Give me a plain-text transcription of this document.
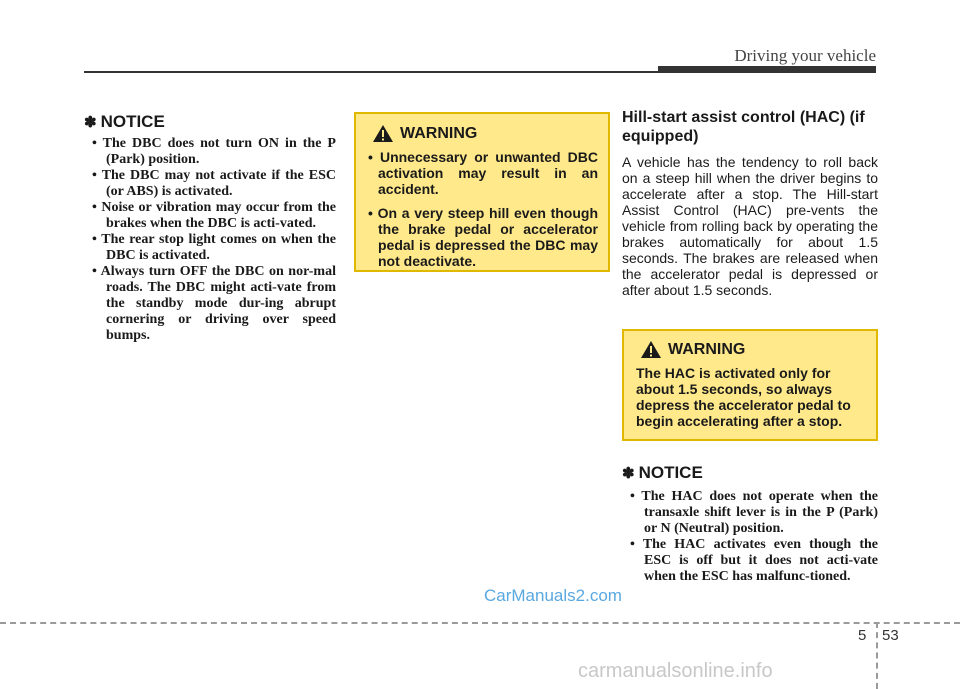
Driving your vehicle
✽ NOTICE
• The DBC does not turn ON in the P (Park) position.
• The DBC may not activate if the ESC (or ABS) is activated.
• Noise or vibration may occur from the brakes when the DBC is acti-vated.
• The rear stop light comes on when the DBC is activated.
• Always turn OFF the DBC on nor-mal roads. The DBC might acti-vate from the standby mode dur-ing abrupt cornering or driving over speed bumps.
WARNING
• Unnecessary or unwanted DBC activation may result in an accident.
• On a very steep hill even though the brake pedal or accelerator pedal is depressed the DBC may not deactivate.
Hill-start assist control (HAC) (if equipped)

A vehicle has the tendency to roll back on a steep hill when the driver begins to accelerate after a stop. The Hill-start Assist Control (HAC) pre-vents the vehicle from rolling back by operating the brakes automatically for about 1.5 seconds. The brakes are released when the accelerator pedal is depressed or after about 1.5 seconds.

WARNING

The HAC is activated only for about 1.5 seconds, so always depress the accelerator pedal to begin accelerating after a stop.

✽ NOTICE
• The HAC does not operate when the transaxle shift lever is in the P (Park) or N (Neutral) position.
• The HAC activates even though the ESC is off but it does not acti-vate when the ESC has malfunc-tioned.
CarManuals2.com
5 53
carmanualsonline.info
